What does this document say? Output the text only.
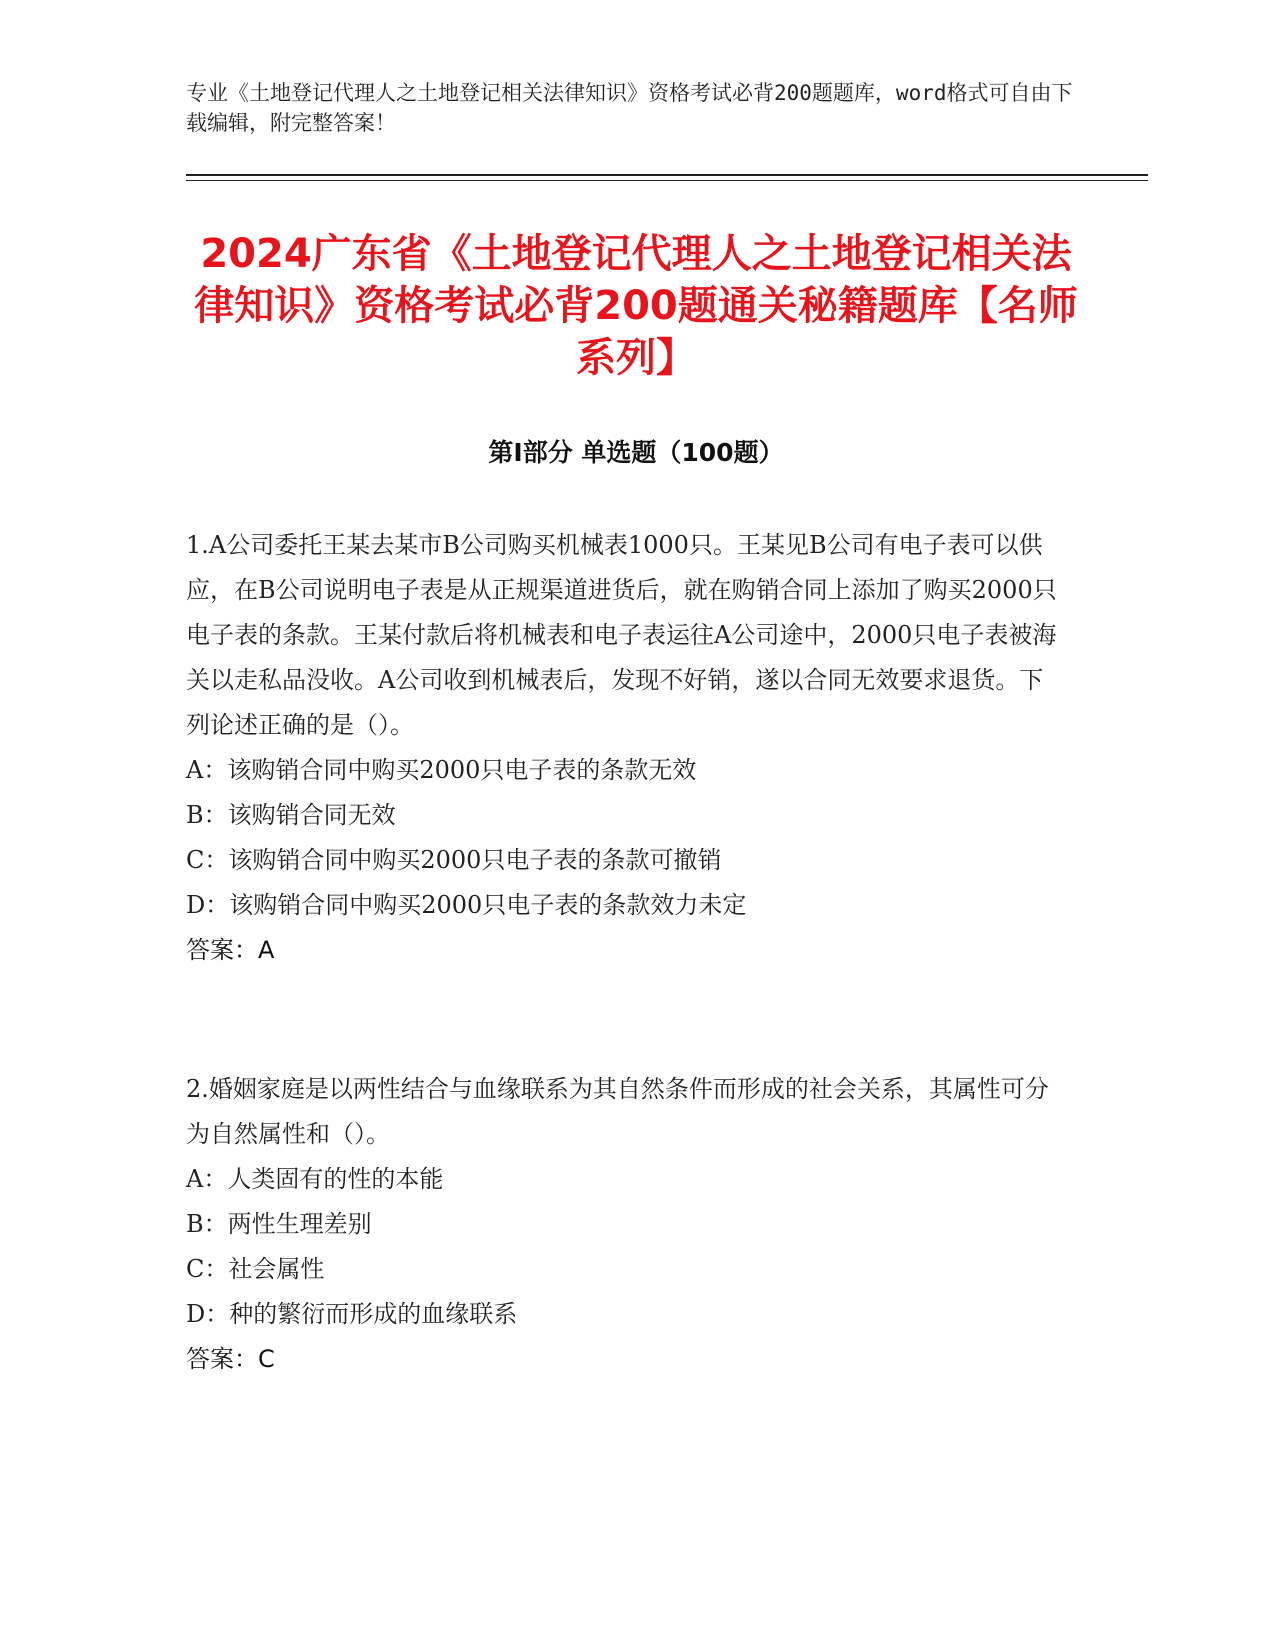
专业《土地登记代理人之土地登记相关法律知识》资格考试必背200题题库，word格式可自由下载编辑，附完整答案！
2024广东省《土地登记代理人之土地登记相关法律知识》资格考试必背200题通关秘籍题库【名师系列】
第I部分 单选题（100题）

1.A公司委托王某去某市B公司购买机械表1000只。王某见B公司有电子表可以供应，在B公司说明电子表是从正规渠道进货后，就在购销合同上添加了购买2000只电子表的条款。王某付款后将机械表和电子表运往A公司途中，2000只电子表被海关以走私品没收。A公司收到机械表后，发现不好销，遂以合同无效要求退货。下列论述正确的是（）。

A：该购销合同中购买2000只电子表的条款无效

B：该购销合同无效

C：该购销合同中购买2000只电子表的条款可撤销

D：该购销合同中购买2000只电子表的条款效力未定

答案：A

2.婚姻家庭是以两性结合与血缘联系为其自然条件而形成的社会关系，其属性可分为自然属性和（）。

A：人类固有的性的本能

B：两性生理差别

C：社会属性

D：种的繁衍而形成的血缘联系

答案：C
